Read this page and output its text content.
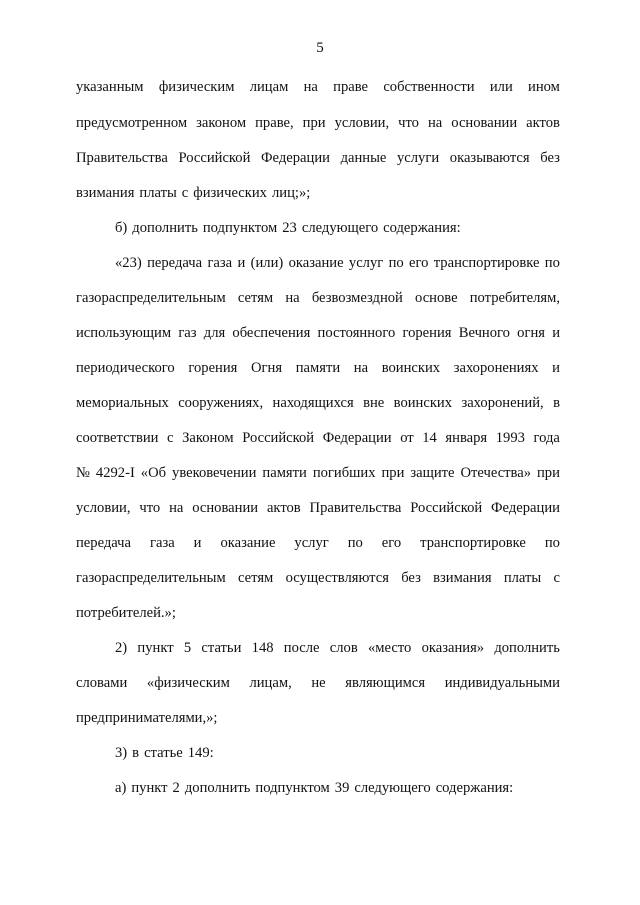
5
указанным физическим лицам на праве собственности или ином
предусмотренном законом праве, при условии, что на основании актов
Правительства Российской Федерации данные услуги оказываются без
взимания платы с физических лиц;»;
б) дополнить подпунктом 23 следующего содержания:
«23) передача газа и (или) оказание услуг по его транспортировке по
газораспределительным сетям на безвозмездной основе потребителям,
использующим газ для обеспечения постоянного горения Вечного огня и
периодического горения Огня памяти на воинских захоронениях и
мемориальных сооружениях, находящихся вне воинских захоронений, в
соответствии с Законом Российской Федерации от 14 января 1993 года
№ 4292-I «Об увековечении памяти погибших при защите Отечества» при
условии, что на основании актов Правительства Российской Федерации
передача газа и оказание услуг по его транспортировке по
газораспределительным сетям осуществляются без взимания платы с
потребителей.»;
2) пункт 5 статьи 148 после слов «место оказания» дополнить
словами «физическим лицам, не являющимся индивидуальными
предпринимателями,»;
3) в статье 149:
а) пункт 2 дополнить подпунктом 39 следующего содержания:
